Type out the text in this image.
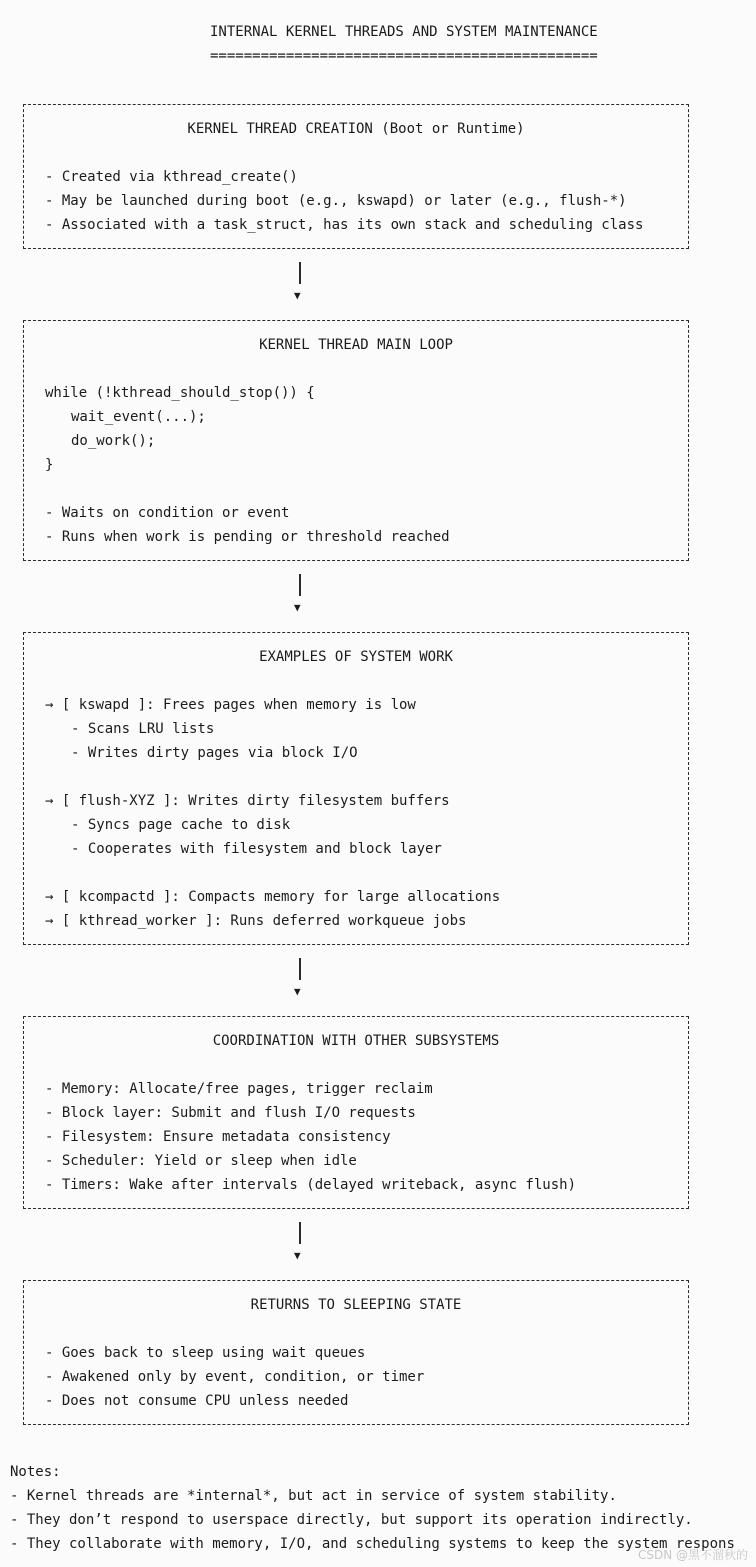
INTERNAL KERNEL THREADS AND SYSTEM MAINTENANCE
==============================================
KERNEL THREAD CREATION (Boot or Runtime)
- Created via kthread_create()
- May be launched during boot (e.g., kswapd) or later (e.g., flush-*)
- Associated with a task_struct, has its own stack and scheduling class
▼
KERNEL THREAD MAIN LOOP
while (!kthread_should_stop()) {
wait_event(...);
do_work();
}
- Waits on condition or event
- Runs when work is pending or threshold reached
▼
EXAMPLES OF SYSTEM WORK
→ [ kswapd ]: Frees pages when memory is low
- Scans LRU lists
- Writes dirty pages via block I/O
→ [ flush-XYZ ]: Writes dirty filesystem buffers
- Syncs page cache to disk
- Cooperates with filesystem and block layer
→ [ kcompactd ]: Compacts memory for large allocations
→ [ kthread_worker ]: Runs deferred workqueue jobs
▼
COORDINATION WITH OTHER SUBSYSTEMS
- Memory: Allocate/free pages, trigger reclaim
- Block layer: Submit and flush I/O requests
- Filesystem: Ensure metadata consistency
- Scheduler: Yield or sleep when idle
- Timers: Wake after intervals (delayed writeback, async flush)
▼
RETURNS TO SLEEPING STATE
- Goes back to sleep using wait queues
- Awakened only by event, condition, or timer
- Does not consume CPU unless needed
Notes:
- Kernel threads are *internal*, but act in service of system stability.
- They don’t respond to userspace directly, but support its operation indirectly.
- They collaborate with memory, I/O, and scheduling systems to keep the system respons
CSDN @黑不溜秋的
